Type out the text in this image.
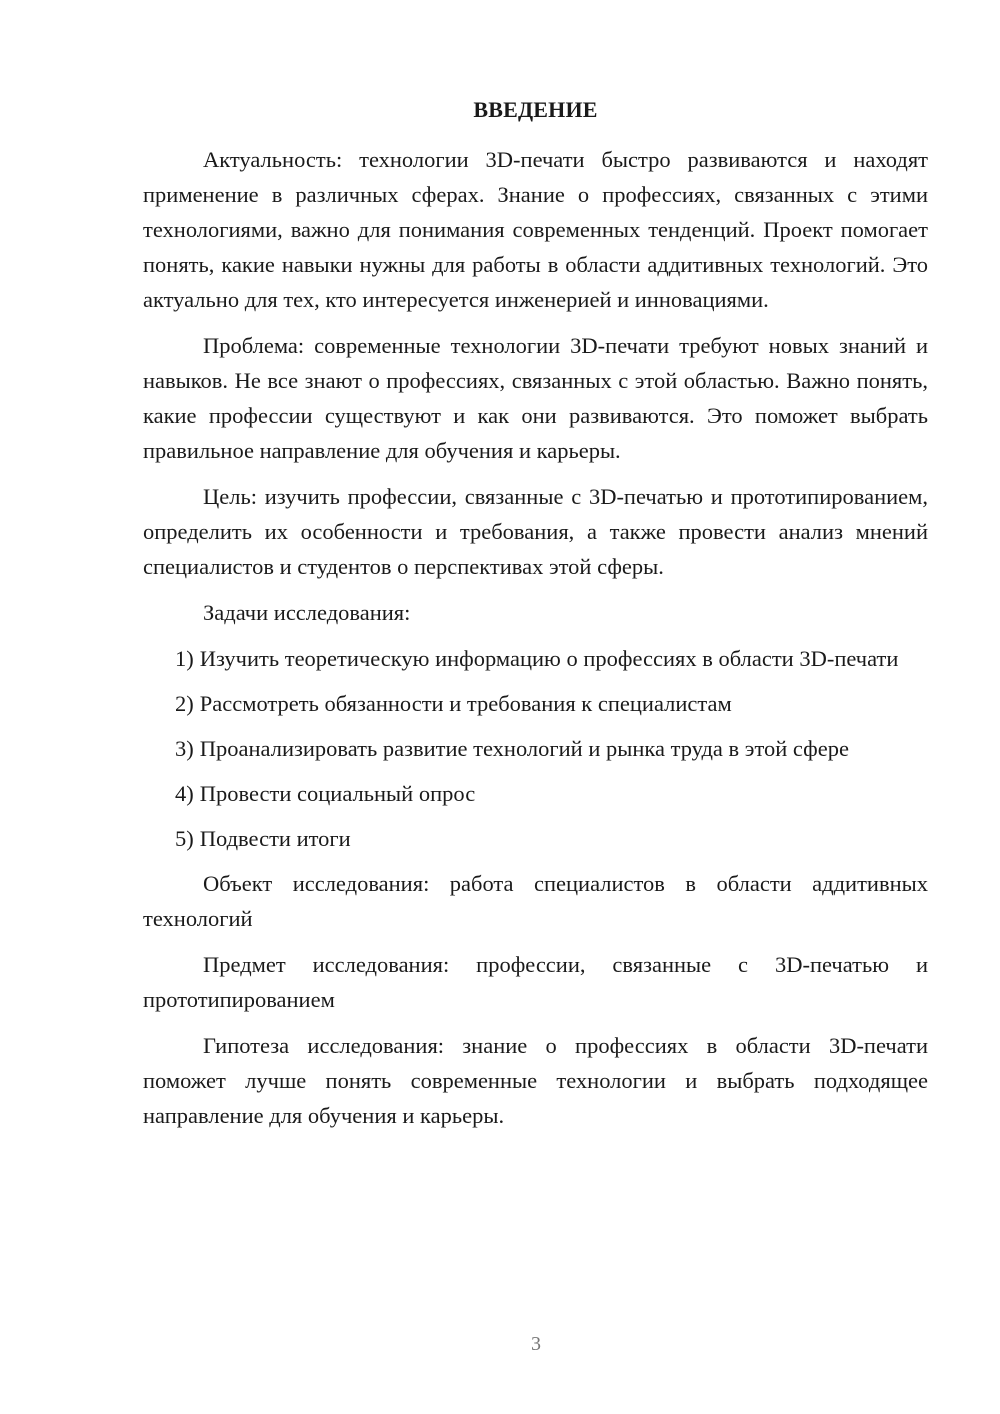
ВВЕДЕНИЕ

Актуальность: технологии 3D-печати быстро развиваются и находят применение в различных сферах. Знание о профессиях, связанных с этими технологиями, важно для понимания современных тенденций. Проект помогает понять, какие навыки нужны для работы в области аддитивных технологий. Это актуально для тех, кто интересуется инженерией и инновациями.

Проблема: современные технологии 3D-печати требуют новых знаний и навыков. Не все знают о профессиях, связанных с этой областью. Важно понять, какие профессии существуют и как они развиваются. Это поможет выбрать правильное направление для обучения и карьеры.

Цель: изучить профессии, связанные с 3D-печатью и прототипированием, определить их особенности и требования, а также провести анализ мнений специалистов и студентов о перспективах этой сферы.

Задачи исследования:

1) Изучить теоретическую информацию о профессиях в области 3D-печати

2) Рассмотреть обязанности и требования к специалистам

3) Проанализировать развитие технологий и рынка труда в этой сфере

4) Провести социальный опрос

5) Подвести итоги

Объект исследования: работа специалистов в области аддитивных технологий

Предмет исследования: профессии, связанные с 3D-печатью и прототипированием

Гипотеза исследования: знание о профессиях в области 3D-печати поможет лучше понять современные технологии и выбрать подходящее направление для обучения и карьеры.

3
